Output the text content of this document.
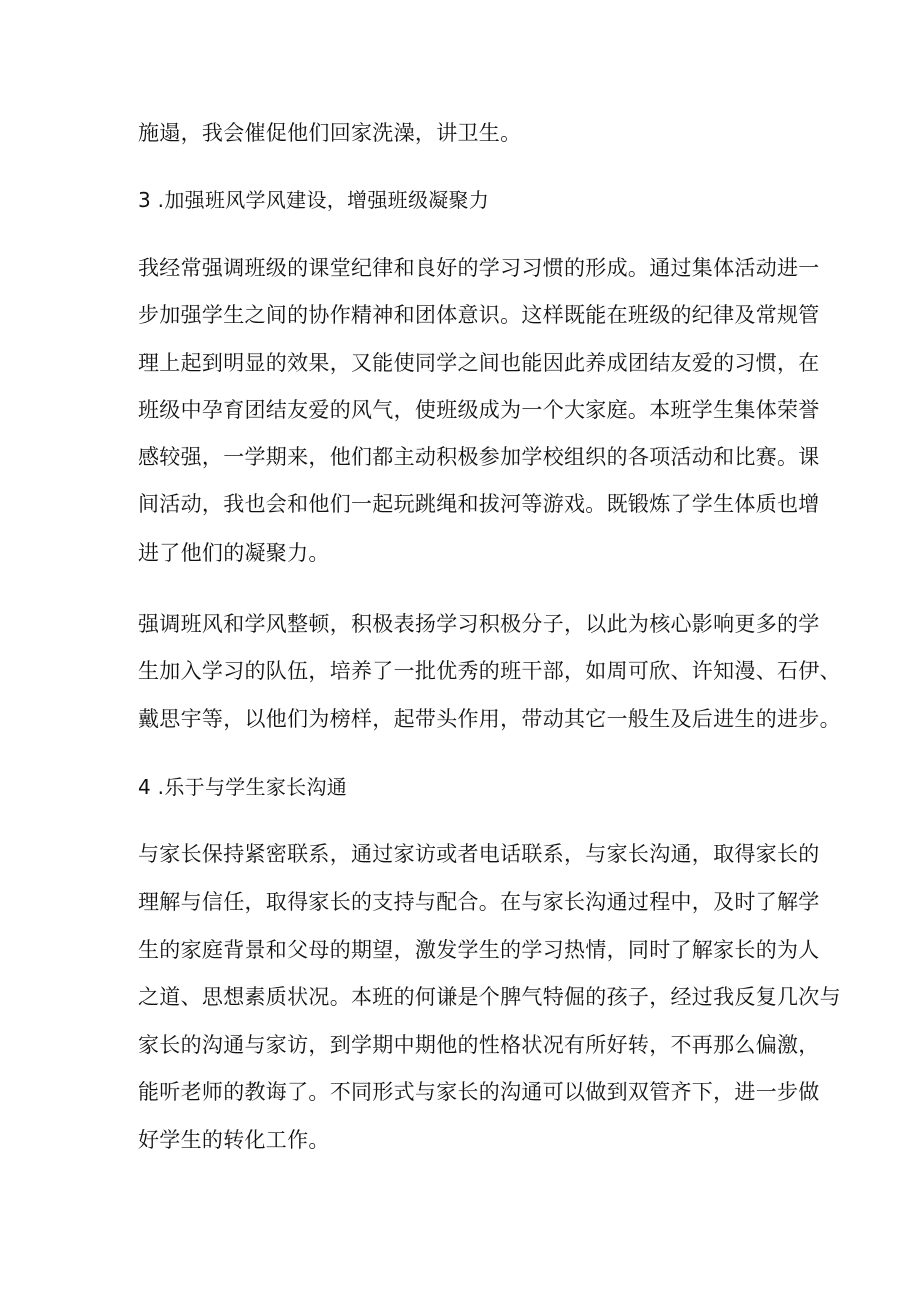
施遢，我会催促他们回家洗澡，讲卫生。
3 .加强班风学风建设，增强班级凝聚力
我经常强调班级的课堂纪律和良好的学习习惯的形成。通过集体活动进一
步加强学生之间的协作精神和团体意识。这样既能在班级的纪律及常规管
理上起到明显的效果，又能使同学之间也能因此养成团结友爱的习惯，在
班级中孕育团结友爱的风气，使班级成为一个大家庭。本班学生集体荣誉
感较强，一学期来，他们都主动积极参加学校组织的各项活动和比赛。课
间活动，我也会和他们一起玩跳绳和拔河等游戏。既锻炼了学生体质也增
进了他们的凝聚力。
强调班风和学风整顿，积极表扬学习积极分子，以此为核心影响更多的学
生加入学习的队伍，培养了一批优秀的班干部，如周可欣、许知漫、石伊、
戴思宇等，以他们为榜样，起带头作用，带动其它一般生及后进生的进步。
4 .乐于与学生家长沟通
与家长保持紧密联系，通过家访或者电话联系，与家长沟通，取得家长的
理解与信任，取得家长的支持与配合。在与家长沟通过程中，及时了解学
生的家庭背景和父母的期望，激发学生的学习热情，同时了解家长的为人
之道、思想素质状况。本班的何谦是个脾气特倔的孩子，经过我反复几次与
家长的沟通与家访，到学期中期他的性格状况有所好转，不再那么偏激，
能听老师的教诲了。不同形式与家长的沟通可以做到双管齐下，进一步做
好学生的转化工作。
